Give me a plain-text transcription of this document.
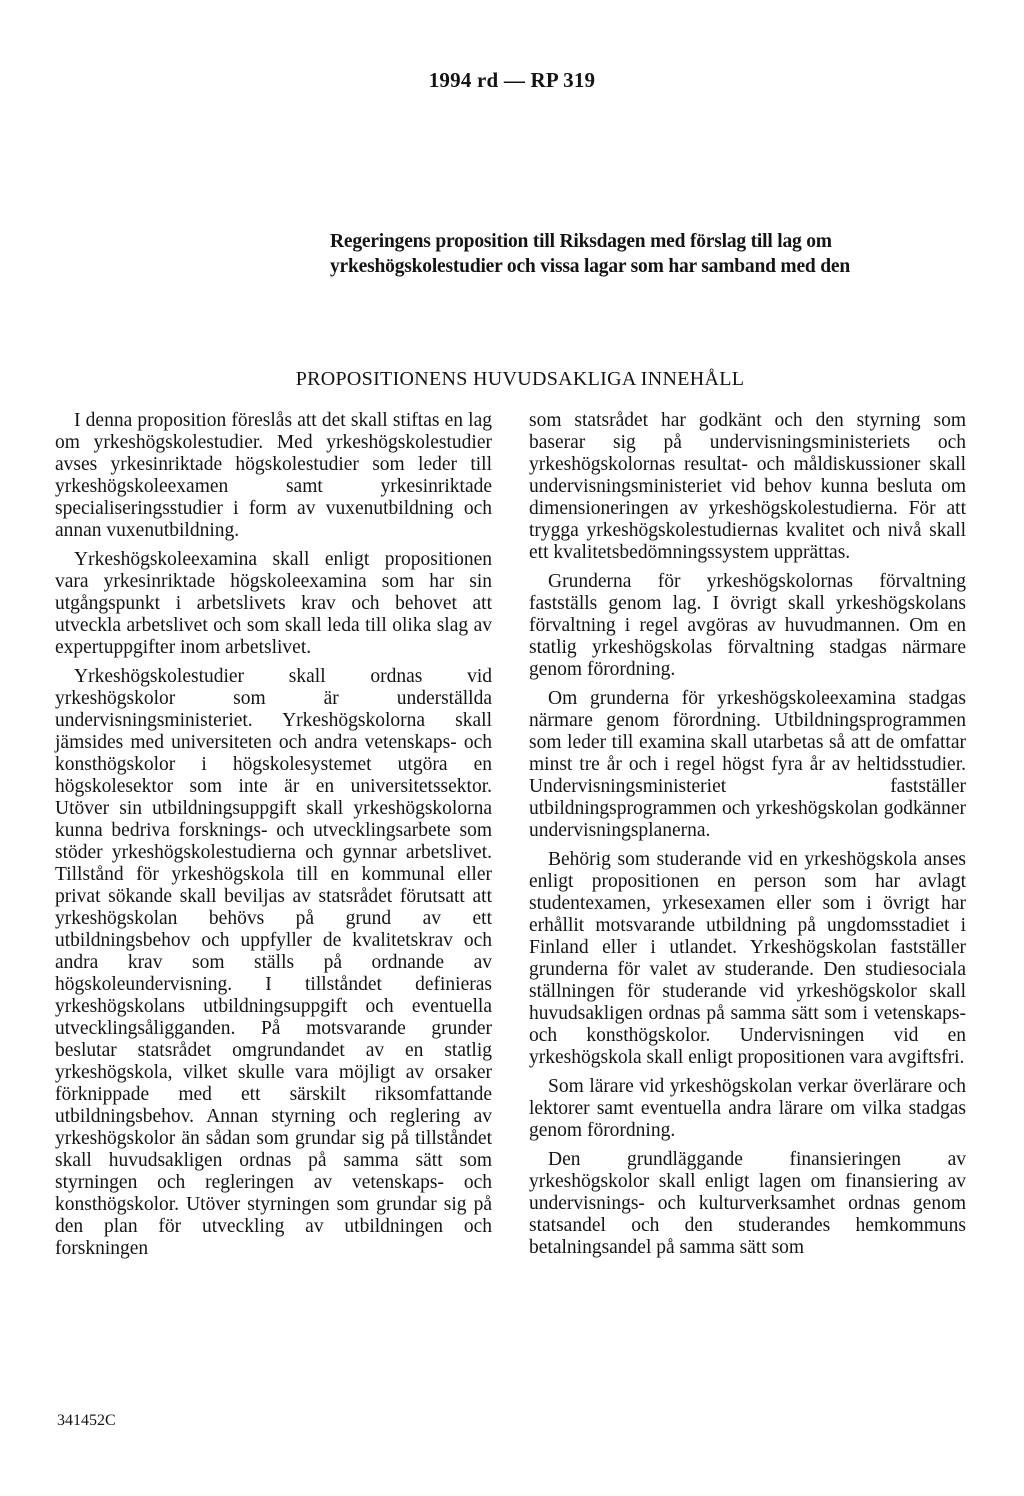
1994 rd — RP 319
Regeringens proposition till Riksdagen med förslag till lag om yrkeshögskolestudier och vissa lagar som har samband med den
PROPOSITIONENS HUVUDSAKLIGA INNEHÅLL

I denna proposition föreslås att det skall stiftas en lag om yrkeshögskolestudier. Med yrkeshögskolestudier avses yrkesinriktade högskolestudier som leder till yrkeshögskoleexamen samt yrkesinriktade specialiseringsstudier i form av vuxenutbildning och annan vuxenutbildning.

Yrkeshögskoleexamina skall enligt propositionen vara yrkesinriktade högskoleexamina som har sin utgångspunkt i arbetslivets krav och behovet att utveckla arbetslivet och som skall leda till olika slag av expertuppgifter inom arbetslivet.

Yrkeshögskolestudier skall ordnas vid yrkeshögskolor som är underställda undervisningsministeriet. Yrkeshögskolorna skall jämsides med universiteten och andra vetenskaps- och konsthögskolor i högskolesystemet utgöra en högskolesektor som inte är en universitetssektor. Utöver sin utbildningsuppgift skall yrkeshögskolorna kunna bedriva forsknings- och utvecklingsarbete som stöder yrkeshögskolestudierna och gynnar arbetslivet. Tillstånd för yrkeshögskola till en kommunal eller privat sökande skall beviljas av statsrådet förutsatt att yrkeshögskolan behövs på grund av ett utbildningsbehov och uppfyller de kvalitetskrav och andra krav som ställs på ordnande av högskoleundervisning. I tillståndet definieras yrkeshögskolans utbildningsuppgift och eventuella utvecklingsåligganden. På motsvarande grunder beslutar statsrådet omgrundandet av en statlig yrkeshögskola, vilket skulle vara möjligt av orsaker förknippade med ett särskilt riksomfattande utbildningsbehov. Annan styrning och reglering av yrkeshögskolor än sådan som grundar sig på tillståndet skall huvudsakligen ordnas på samma sätt som styrningen och regleringen av vetenskaps- och konsthögskolor. Utöver styrningen som grundar sig på den plan för utveckling av utbildningen och forskningen

som statsrådet har godkänt och den styrning som baserar sig på undervisningsministeriets och yrkeshögskolornas resultat- och måldiskussioner skall undervisningsministeriet vid behov kunna besluta om dimensioneringen av yrkeshögskolestudierna. För att trygga yrkeshögskolestudiernas kvalitet och nivå skall ett kvalitetsbedömningssystem upprättas.

Grunderna för yrkeshögskolornas förvaltning fastställs genom lag. I övrigt skall yrkeshögskolans förvaltning i regel avgöras av huvudmannen. Om en statlig yrkeshögskolas förvaltning stadgas närmare genom förordning.

Om grunderna för yrkeshögskoleexamina stadgas närmare genom förordning. Utbildningsprogrammen som leder till examina skall utarbetas så att de omfattar minst tre år och i regel högst fyra år av heltidsstudier. Undervisningsministeriet fastställer utbildningsprogrammen och yrkeshögskolan godkänner undervisningsplanerna.

Behörig som studerande vid en yrkeshögskola anses enligt propositionen en person som har avlagt studentexamen, yrkesexamen eller som i övrigt har erhållit motsvarande utbildning på ungdomsstadiet i Finland eller i utlandet. Yrkeshögskolan fastställer grunderna för valet av studerande. Den studiesociala ställningen för studerande vid yrkeshögskolor skall huvudsakligen ordnas på samma sätt som i vetenskaps- och konsthögskolor. Undervisningen vid en yrkeshögskola skall enligt propositionen vara avgiftsfri.

Som lärare vid yrkeshögskolan verkar överlärare och lektorer samt eventuella andra lärare om vilka stadgas genom förordning.

Den grundläggande finansieringen av yrkeshögskolor skall enligt lagen om finansiering av undervisnings- och kulturverksamhet ordnas genom statsandel och den studerandes hemkommuns betalningsandel på samma sätt som

341452C
